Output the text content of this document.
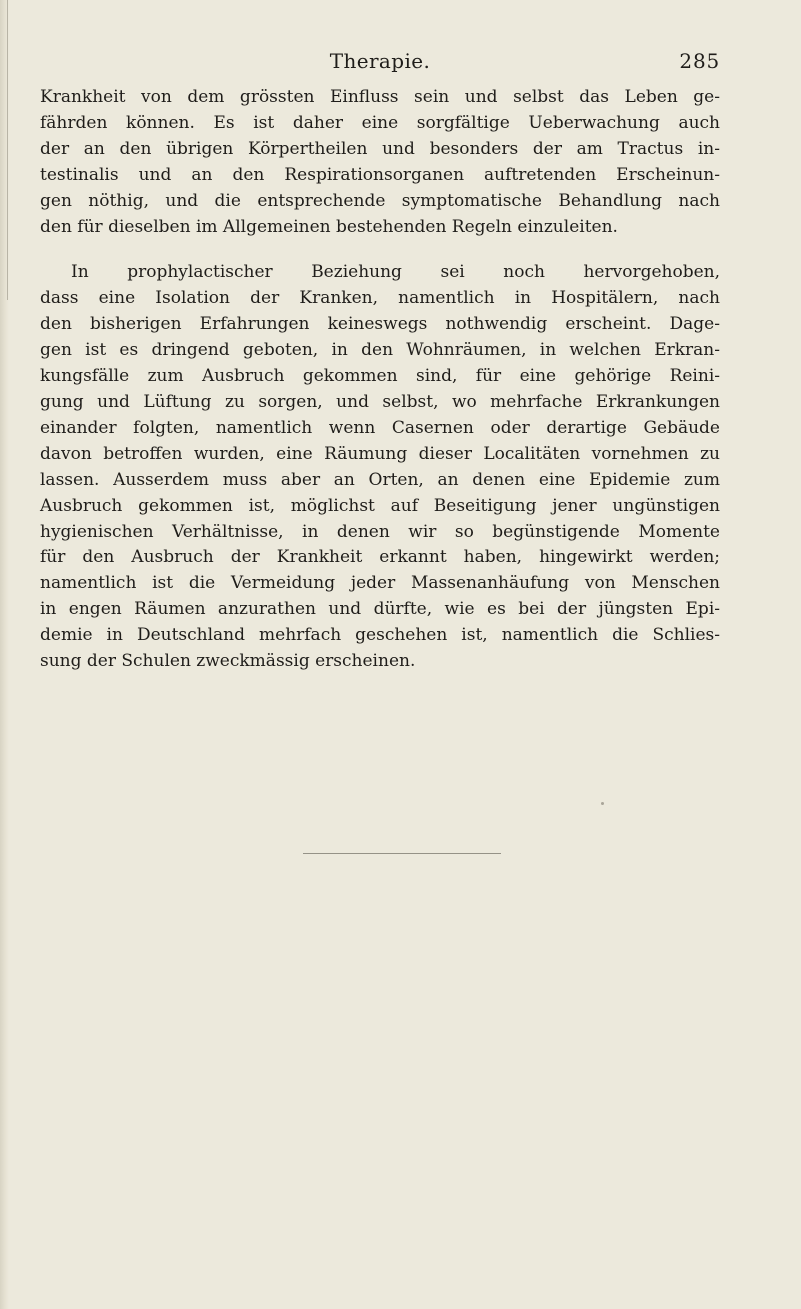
Therapie.	285
Krankheit von dem grössten Einfluss sein und selbst das Leben ge-
fährden können. Es ist daher eine sorgfältige Ueberwachung auch
der an den übrigen Körpertheilen und besonders der am Tractus in-
testinalis und an den Respirationsorganen auftretenden Erscheinun-
gen nöthig, und die entsprechende symptomatische Behandlung nach
den für dieselben im Allgemeinen bestehenden Regeln einzuleiten.
In prophylactischer Beziehung sei noch hervorgehoben,
dass eine Isolation der Kranken, namentlich in Hospitälern, nach
den bisherigen Erfahrungen keineswegs nothwendig erscheint. Dage-
gen ist es dringend geboten, in den Wohnräumen, in welchen Erkran-
kungsfälle zum Ausbruch gekommen sind, für eine gehörige Reini-
gung und Lüftung zu sorgen, und selbst, wo mehrfache Erkrankungen
einander folgten, namentlich wenn Casernen oder derartige Gebäude
davon betroffen wurden, eine Räumung dieser Localitäten vornehmen zu
lassen. Ausserdem muss aber an Orten, an denen eine Epidemie zum
Ausbruch gekommen ist, möglichst auf Beseitigung jener ungünstigen
hygienischen Verhältnisse, in denen wir so begünstigende Momente
für den Ausbruch der Krankheit erkannt haben, hingewirkt werden;
namentlich ist die Vermeidung jeder Massenanhäufung von Menschen
in engen Räumen anzurathen und dürfte, wie es bei der jüngsten Epi-
demie in Deutschland mehrfach geschehen ist, namentlich die Schlies-
sung der Schulen zweckmässig erscheinen.
